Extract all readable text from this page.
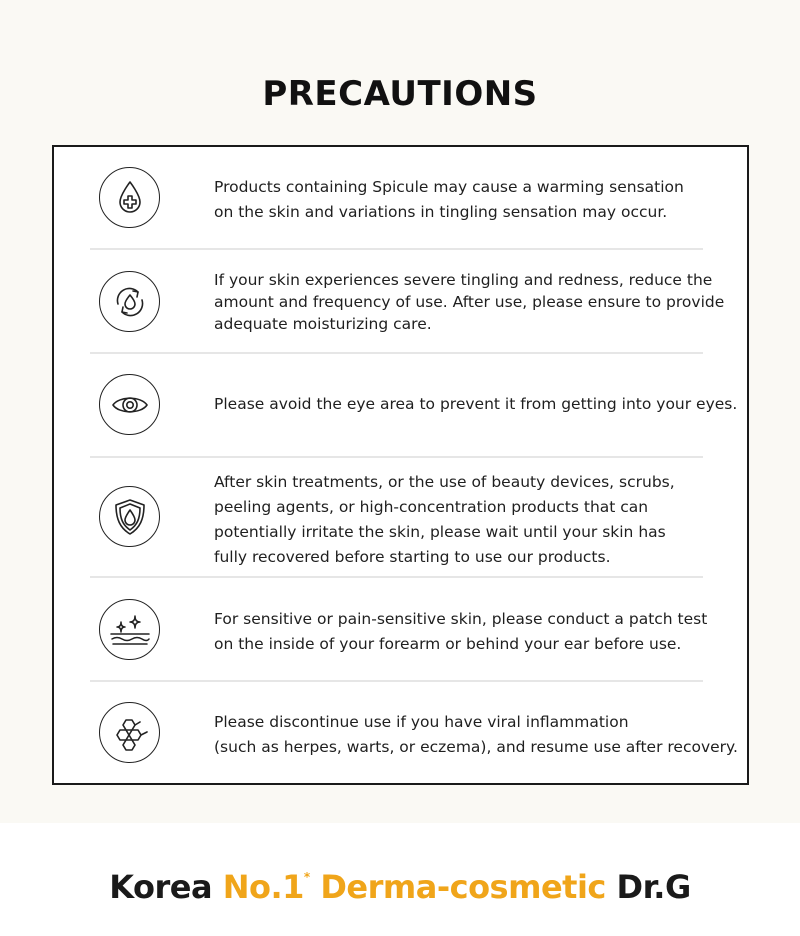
PRECAUTIONS

Products containing Spicule may cause a warming sensation

on the skin and variations in tingling sensation may occur.

If your skin experiences severe tingling and redness, reduce the

amount and frequency of use. After use, please ensure to provide

adequate moisturizing care.

Please avoid the eye area to prevent it from getting into your eyes.

After skin treatments, or the use of beauty devices, scrubs,

peeling agents, or high-concentration products that can

potentially irritate the skin, please wait until your skin has

fully recovered before starting to use our products.

For sensitive or pain-sensitive skin, please conduct a patch test

on the inside of your forearm or behind your ear before use.

Please discontinue use if you have viral inflammation

(such as herpes, warts, or eczema), and resume use after recovery.

Korea No.1* Derma-cosmetic Dr.G
